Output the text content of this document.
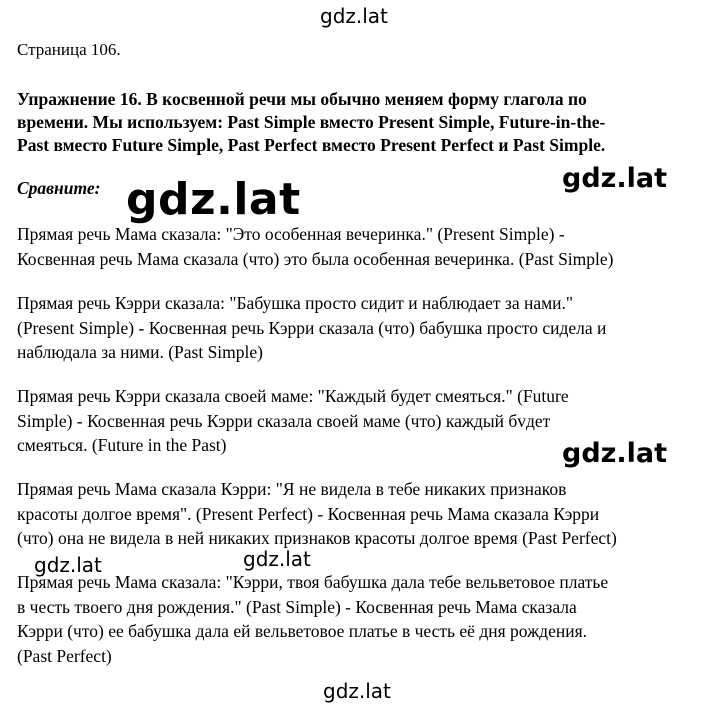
gdz.lat
Страница 106.
Упражнение 16. В косвенной речи мы обычно меняем форму глагола по
времени. Мы используем: Past Simple вместо Present Simple, Future-in-the-
Past вместо Future Simple, Past Perfect вместо Present Perfect и Past Simple.
Сравните:
Прямая речь Мама сказала: "Это особенная вечеринка." (Present Simple) -
Косвенная речь Мама сказала (что) это была особенная вечеринка. (Past Simple)
Прямая речь Кэрри сказала: "Бабушка просто сидит и наблюдает за нами."
(Present Simple) - Косвенная речь Кэрри сказала (что) бабушка просто сидела и
наблюдала за ними. (Past Simple)
Прямая речь Кэрри сказала своей маме: "Каждый будет смеяться." (Future
Simple) - Косвенная речь Кэрри сказала своей маме (что) каждый бvдет
смеяться. (Future in the Past)
Прямая речь Мама сказала Кэрри: "Я не видела в тебе никаких признаков
красоты долгое время". (Present Perfect) - Косвенная речь Мама сказала Кэрри
(что) она не видела в ней никаких признаков красоты долгое время (Past Perfect)
Прямая речь Мама сказала: "Кэрри, твоя бабушка дала тебе вельветовое платье
в честь твоего дня рождения." (Past Simple) - Косвенная речь Мама сказала
Кэрри (что) ее бабушка дала ей вельветовое платье в честь её дня рождения.
(Past Perfect)
gdz.lat	gdz.lat
gdz.lat
gdz.lat	gdz.lat
gdz.lat
